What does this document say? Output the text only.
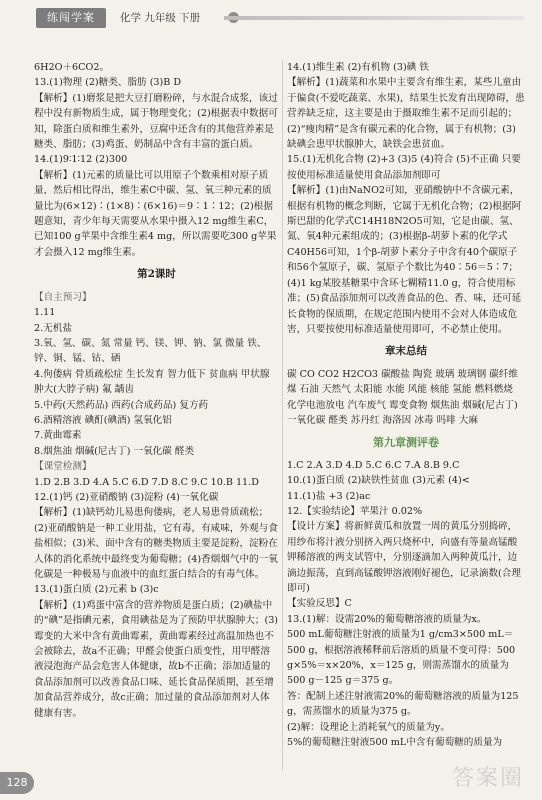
练闯学案	化学 九年级 下册

6H2O＋6CO2。

13.(1)物理 (2)糖类、脂肪 (3)B D

【解析】(1)磨浆是把大豆打磨粉碎，与水混合成浆，该过程中没有新物质生成，属于物理变化；(2)根据表中数据可知，除蛋白质和维生素外，豆腐中还含有的其他营养素是糖类、脂肪；(3)鸡蛋、奶制品中含有丰富的蛋白质。

14.(1)9∶1∶12 (2)300

【解析】(1)元素的质量比可以用原子个数乘相对原子质量，然后相比得出，维生素C中碳、氢、氧三种元素的质量比为(6×12)∶(1×8)∶(6×16)＝9∶1∶12；(2)根据题意知，青少年每天需要从水果中摄入12 mg维生素C，已知100 g苹果中含维生素4 mg，所以需要吃300 g苹果才会摄入12 mg维生素。

第2课时

【自主预习】

1.11

2.无机盐

3.氧、氢、碳、氮 常量 钙、镁、钾、钠、氯 微量 铁、锌、铜、锰、钴、硒

4.佝偻病 骨质疏松症 生长发育 智力低下 贫血病 甲状腺肿大(大脖子病) 氟 龋齿

5.中药(天然药品) 西药(合成药品) 复方药

6.酒精溶液 碘酊(碘酒) 氢氧化铝

7.黄曲霉素

8.烟焦油 烟碱(尼古丁) 一氧化碳 醛类

【课堂检测】

1.D 2.B 3.D 4.A 5.C 6.D 7.D 8.C 9.C 10.B 11.D

12.(1)钙 (2)亚硝酸钠 (3)淀粉 (4)一氧化碳

【解析】(1)缺钙幼儿易患佝偻病，老人易患骨质疏松；(2)亚硝酸钠是一种工业用盐，它有毒，有咸味，外观与食盐相似；(3)米、面中含有的糖类物质主要是淀粉，淀粉在人体的消化系统中最终变为葡萄糖；(4)香烟烟气中的一氧化碳是一种极易与血液中的血红蛋白结合的有毒气体。

13.(1)蛋白质 (2)元素 b (3)c

【解析】(1)鸡蛋中富含的营养物质是蛋白质；(2)碘盐中的“碘”是指碘元素，食用碘盐是为了预防甲状腺肿大；(3)霉变的大米中含有黄曲霉素，黄曲霉素经过高温加热也不会被除去，故a不正确；甲醛会使蛋白质变性，用甲醛溶液浸泡海产品会危害人体健康，故b不正确；添加适量的食品添加剂可以改善食品口味、延长食品保质期，甚至增加食品营养成分，故c正确；加过量的食品添加剂对人体健康有害。

14.(1)维生素 (2)有机物 (3)碘 铁

【解析】(1)蔬菜和水果中主要含有维生素，某些儿童由于偏食(不爱吃蔬菜、水果)，结果生长发育出现障碍，患营养缺乏症，这主要是由于摄取维生素不足而引起的；(2)“瘦肉精”是含有碳元素的化合物，属于有机物；(3)缺碘会患甲状腺肿大，缺铁会患贫血。

15.(1)无机化合物 (2)+3 (3)5 (4)符合 (5)不正确 只要按使用标准适量使用食品添加剂即可

【解析】(1)由NaNO2可知，亚硝酸钠中不含碳元素，根据有机物的概念判断，它属于无机化合物；(2)根据阿斯巴甜的化学式C14H18N2O5可知，它是由碳、氢、氮、氧4种元素组成的；(3)根据β-胡萝卜素的化学式C40H56可知，1个β-胡萝卜素分子中含有40个碳原子和56个氢原子，碳、氢原子个数比为40∶56＝5∶7；(4)1 kg某胶基糖果中含环七糊精11.0 g，符合使用标准；(5)食品添加剂可以改善食品的色、香、味，还可延长食物的保质期，在规定范围内使用不会对人体造成危害，只要按使用标准适量使用即可，不必禁止使用。

章末总结

碳 CO CO2 H2CO3 碳酸盐 陶瓷 玻璃 玻璃钢 碳纤维 煤 石油 天然气 太阳能 水能 风能 核能 氢能 燃料燃烧 化学电池放电 汽车废气 霉变食物 烟焦油 烟碱(尼古丁) 一氧化碳 醛类 苏丹红 海洛因 冰毒 吗啡 大麻

第九章测评卷

1.C 2.A 3.D 4.D 5.C 6.C 7.A 8.B 9.C

10.(1)蛋白质 (2)缺铁性贫血 (3)元素 (4)<

11.(1)盐 +3 (2)ac

12.【实验结论】苹果汁 0.02%

【设计方案】将新鲜黄瓜和放置一周的黄瓜分别捣碎，用纱布将汁液分别挤入两只烧杯中，向盛有等量高锰酸钾稀溶液的两支试管中，分别逐滴加入两种黄瓜汁，边滴边振荡，直到高锰酸钾溶液刚好褪色，记录滴数(合理即可)

【实验反思】C

13.(1)解：设需20%的葡萄糖溶液的质量为x。

500 mL葡萄糖注射液的质量为1 g/cm3×500 mL＝500 g，根据溶液稀释前后溶质的质量不变可得：500 g×5%＝x×20%，x＝125 g，则需蒸馏水的质量为500 g－125 g＝375 g。

答：配制上述注射液需20%的葡萄糖溶液的质量为125 g，需蒸馏水的质量为375 g。

(2)解：设理论上消耗氧气的质量为y。

5%的葡萄糖注射液500 mL中含有葡萄糖的质量为

128	答案圈
